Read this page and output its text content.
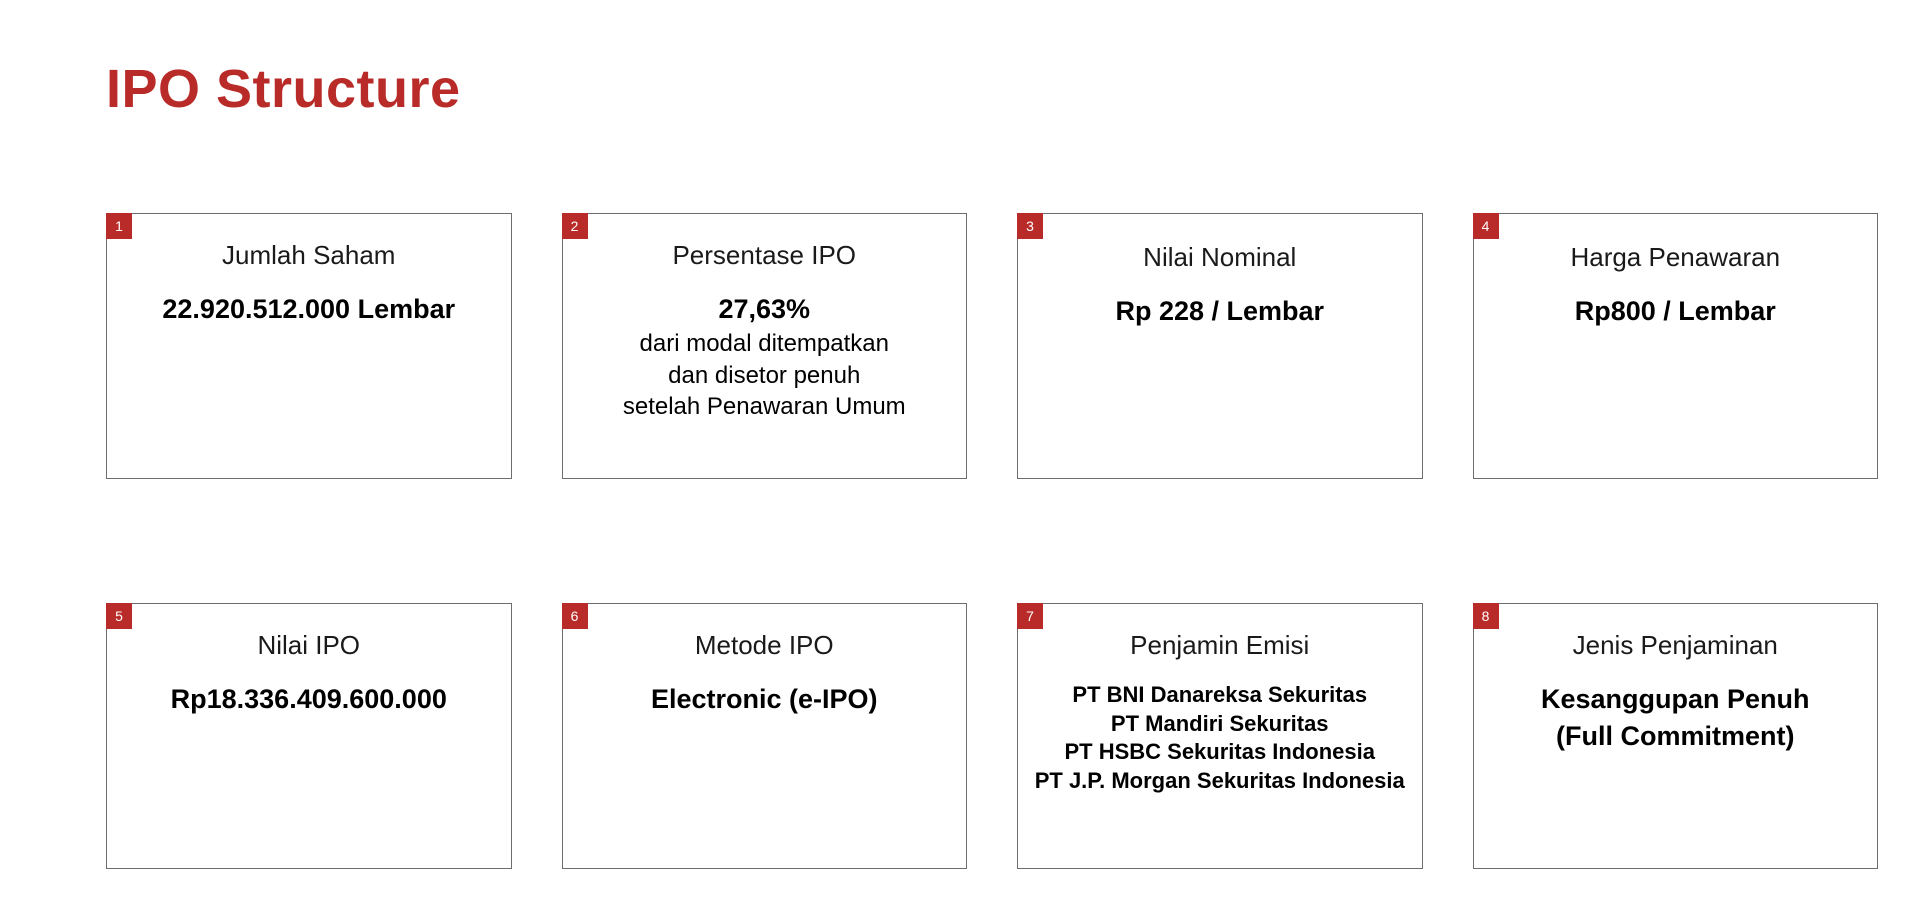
IPO Structure
1
Jumlah Saham
22.920.512.000 Lembar
2
Persentase IPO
27,63%
dari modal ditempatkan
dan disetor penuh
setelah Penawaran Umum
3
Nilai Nominal
Rp 228 / Lembar
4
Harga Penawaran
Rp800 / Lembar
5
Nilai IPO
Rp18.336.409.600.000
6
Metode IPO
Electronic (e-IPO)
7
Penjamin Emisi
PT BNI Danareksa Sekuritas
PT Mandiri Sekuritas
PT HSBC Sekuritas Indonesia
PT J.P. Morgan Sekuritas Indonesia
8
Jenis Penjaminan
Kesanggupan Penuh
(Full Commitment)
